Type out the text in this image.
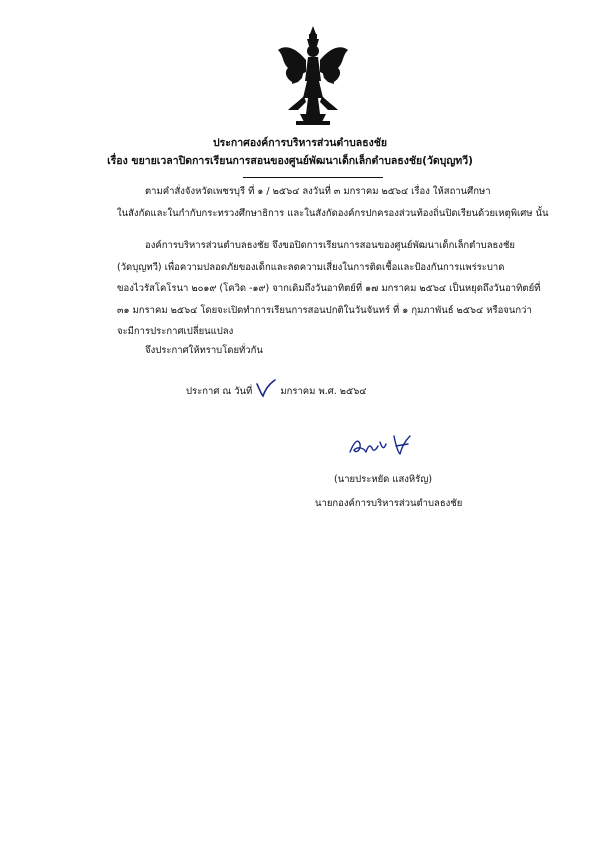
ประกาศองค์การบริหารส่วนตำบลธงชัย
เรื่อง ขยายเวลาปิดการเรียนการสอนของศูนย์พัฒนาเด็กเล็กตำบลธงชัย(วัดบุญทวี)

ตามคำสั่งจังหวัดเพชรบุรี ที่ ๑ / ๒๕๖๔ ลงวันที่ ๓ มกราคม ๒๕๖๔ เรื่อง ให้สถานศึกษา

ในสังกัดและในกำกับกระทรวงศึกษาธิการ และในสังกัดองค์กรปกครองส่วนท้องถิ่นปิดเรียนด้วยเหตุพิเศษ นั้น

องค์การบริหารส่วนตำบลธงชัย จึงขอปิดการเรียนการสอนของศูนย์พัฒนาเด็กเล็กตำบลธงชัย

(วัดบุญทวี) เพื่อความปลอดภัยของเด็กและลดความเสี่ยงในการติดเชื้อและป้องกันการแพร่ระบาด

ของไวรัสโคโรนา ๒๐๑๙ (โควิด -๑๙) จากเดิมถึงวันอาทิตย์ที่ ๑๗ มกราคม ๒๕๖๔ เป็นหยุดถึงวันอาทิตย์ที่

๓๑ มกราคม ๒๕๖๔ โดยจะเปิดทำการเรียนการสอนปกติในวันจันทร์ ที่ ๑ กุมภาพันธ์ ๒๕๖๔ หรือจนกว่า

จะมีการประกาศเปลี่ยนแปลง

จึงประกาศให้ทราบโดยทั่วกัน
ประกาศ ณ วันที่	มกราคม พ.ศ. ๒๕๖๔
(นายประหยัด แสงหิรัญ)
นายกองค์การบริหารส่วนตำบลธงชัย
